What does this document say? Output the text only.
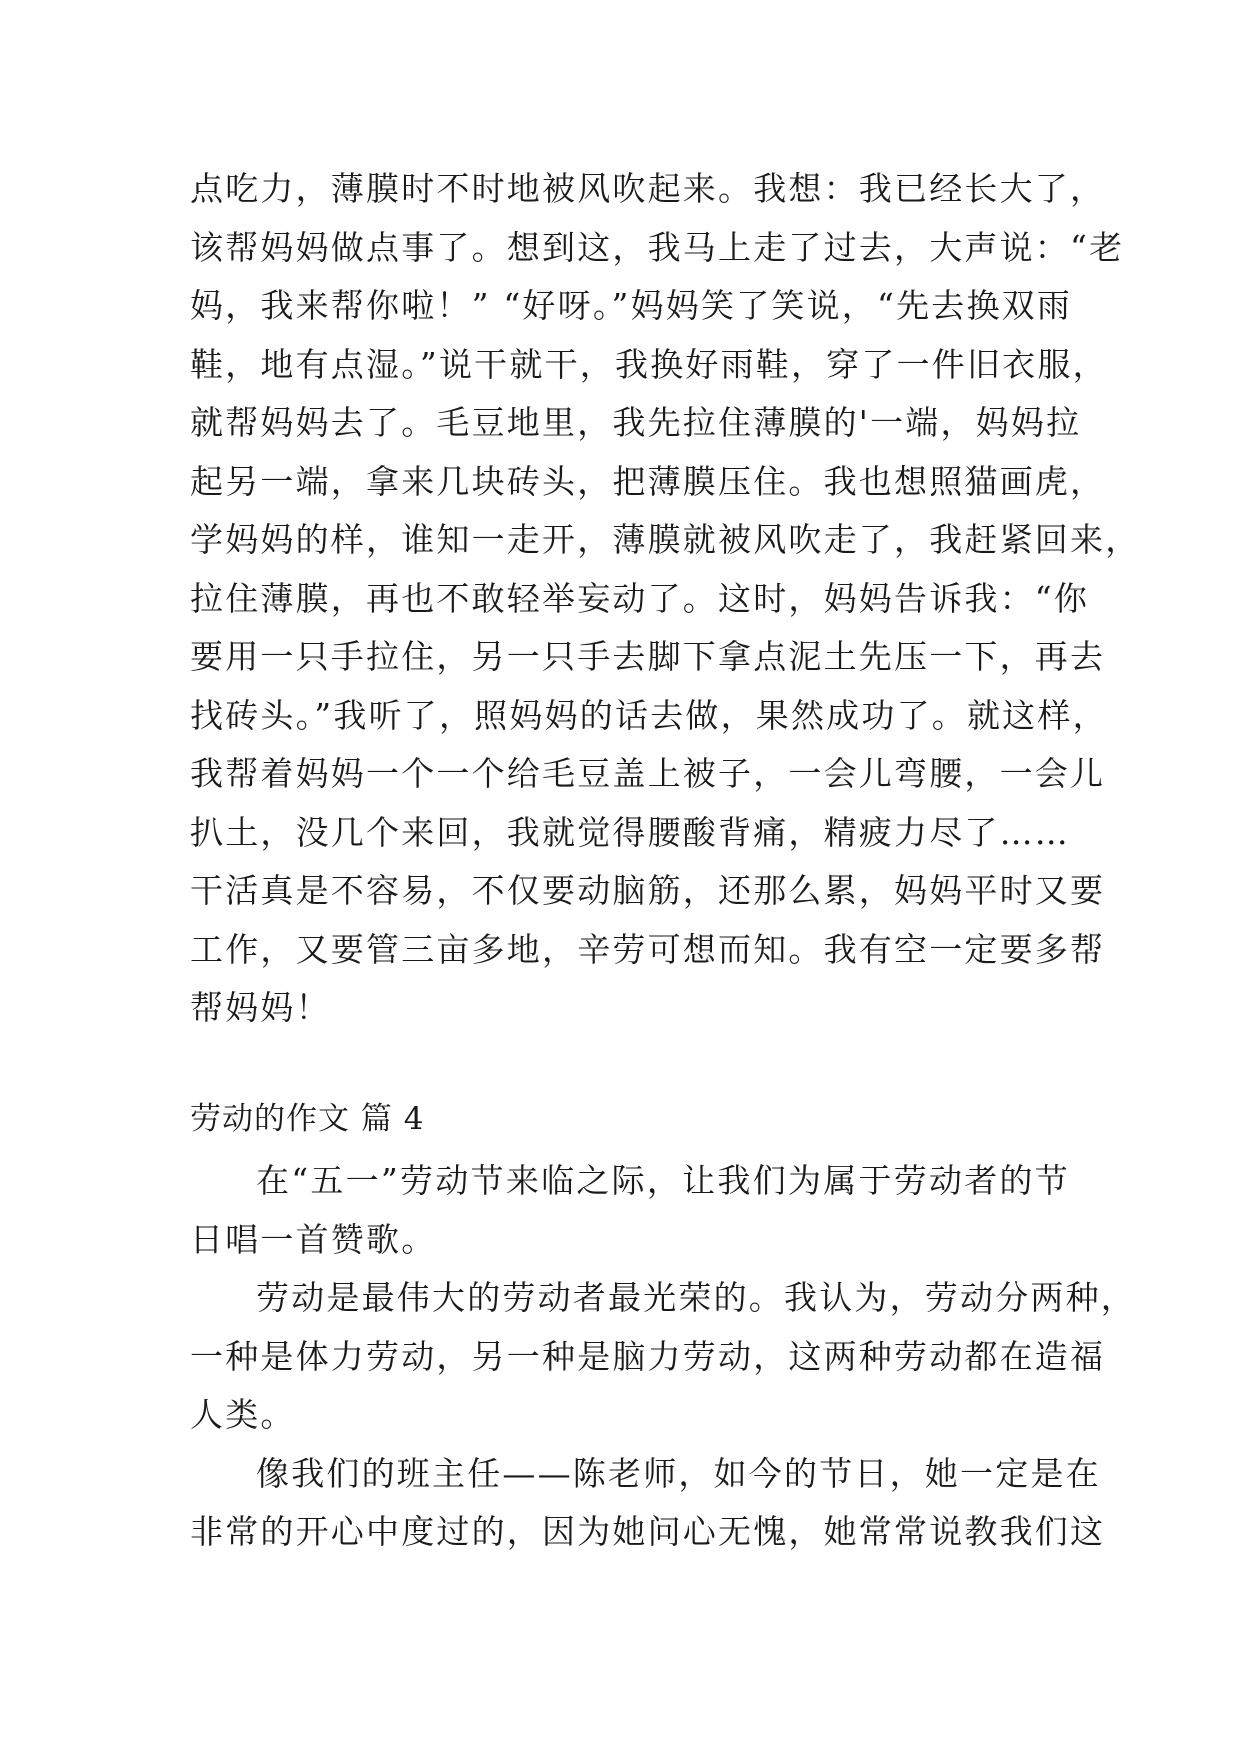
点吃力，薄膜时不时地被风吹起来。我想：我已经长大了，
该帮妈妈做点事了。想到这，我马上走了过去，大声说：“老
妈，我来帮你啦！” “好呀。”妈妈笑了笑说，“先去换双雨
鞋，地有点湿。”说干就干，我换好雨鞋，穿了一件旧衣服，
就帮妈妈去了。毛豆地里，我先拉住薄膜的'一端，妈妈拉
起另一端，拿来几块砖头，把薄膜压住。我也想照猫画虎，
学妈妈的样，谁知一走开，薄膜就被风吹走了，我赶紧回来，
拉住薄膜，再也不敢轻举妄动了。这时，妈妈告诉我：“你
要用一只手拉住，另一只手去脚下拿点泥土先压一下，再去
找砖头。”我听了，照妈妈的话去做，果然成功了。就这样，
我帮着妈妈一个一个给毛豆盖上被子，一会儿弯腰，一会儿
扒土，没几个来回，我就觉得腰酸背痛，精疲力尽了……
干活真是不容易，不仅要动脑筋，还那么累，妈妈平时又要
工作，又要管三亩多地，辛劳可想而知。我有空一定要多帮
帮妈妈！
劳动的作文 篇 4
在“五一”劳动节来临之际，让我们为属于劳动者的节
日唱一首赞歌。
劳动是最伟大的劳动者最光荣的。我认为，劳动分两种，
一种是体力劳动，另一种是脑力劳动，这两种劳动都在造福
人类。
像我们的班主任——陈老师，如今的节日，她一定是在
非常的开心中度过的，因为她问心无愧，她常常说教我们这
